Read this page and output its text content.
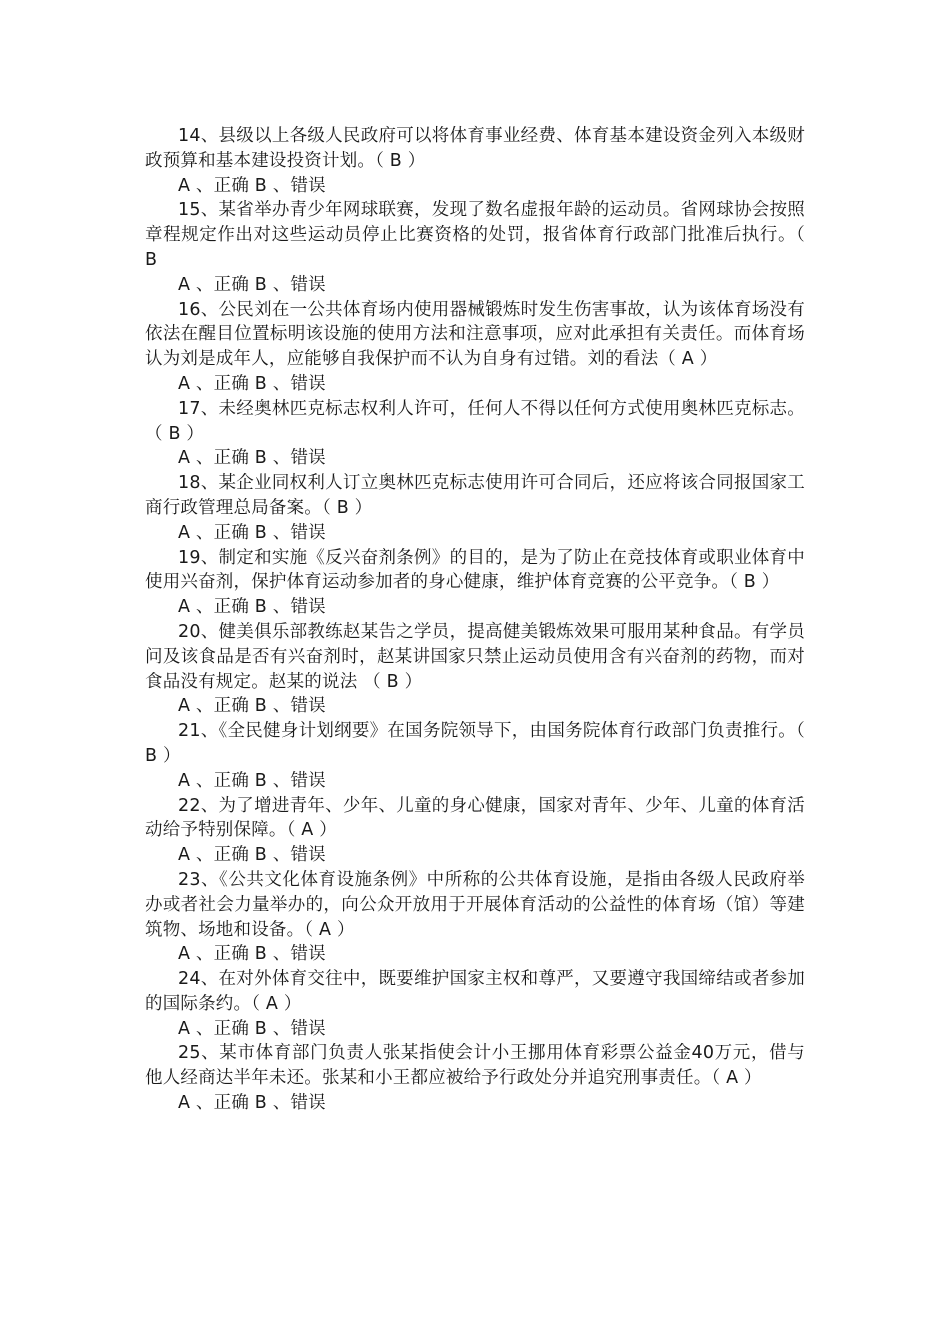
14、县级以上各级人民政府可以将体育事业经费、体育基本建设资金列入本级财政预算和基本建设投资计划。（ B ）

A 、正确 B 、错误

15、某省举办青少年网球联赛，发现了数名虚报年龄的运动员。省网球协会按照章程规定作出对这些运动员停止比赛资格的处罚，报省体育行政部门批准后执行。（ B

A 、正确 B 、错误

16、公民刘在一公共体育场内使用器械锻炼时发生伤害事故，认为该体育场没有依法在醒目位置标明该设施的使用方法和注意事项，应对此承担有关责任。而体育场认为刘是成年人，应能够自我保护而不认为自身有过错。刘的看法（ A ）

A 、正确 B 、错误

17、未经奥林匹克标志权利人许可，任何人不得以任何方式使用奥林匹克标志。（ B ）

A 、正确 B 、错误

18、某企业同权利人订立奥林匹克标志使用许可合同后，还应将该合同报国家工商行政管理总局备案。（ B ）

A 、正确 B 、错误

19、制定和实施《反兴奋剂条例》的目的，是为了防止在竞技体育或职业体育中使用兴奋剂，保护体育运动参加者的身心健康，维护体育竞赛的公平竞争。（ B ）

A 、正确 B 、错误

20、健美俱乐部教练赵某告之学员，提高健美锻炼效果可服用某种食品。有学员问及该食品是否有兴奋剂时，赵某讲国家只禁止运动员使用含有兴奋剂的药物，而对食品没有规定。赵某的说法 （ B ）

A 、正确 B 、错误

21、《全民健身计划纲要》在国务院领导下，由国务院体育行政部门负责推行。（ B ）

A 、正确 B 、错误

22、为了增进青年、少年、儿童的身心健康，国家对青年、少年、儿童的体育活动给予特别保障。（ A ）

A 、正确 B 、错误

23、《公共文化体育设施条例》中所称的公共体育设施，是指由各级人民政府举办或者社会力量举办的，向公众开放用于开展体育活动的公益性的体育场（馆）等建筑物、场地和设备。（ A ）

A 、正确 B 、错误

24、在对外体育交往中，既要维护国家主权和尊严，又要遵守我国缔结或者参加的国际条约。（ A ）

A 、正确 B 、错误

25、某市体育部门负责人张某指使会计小王挪用体育彩票公益金40万元，借与他人经商达半年未还。张某和小王都应被给予行政处分并追究刑事责任。（ A ）

A 、正确 B 、错误
